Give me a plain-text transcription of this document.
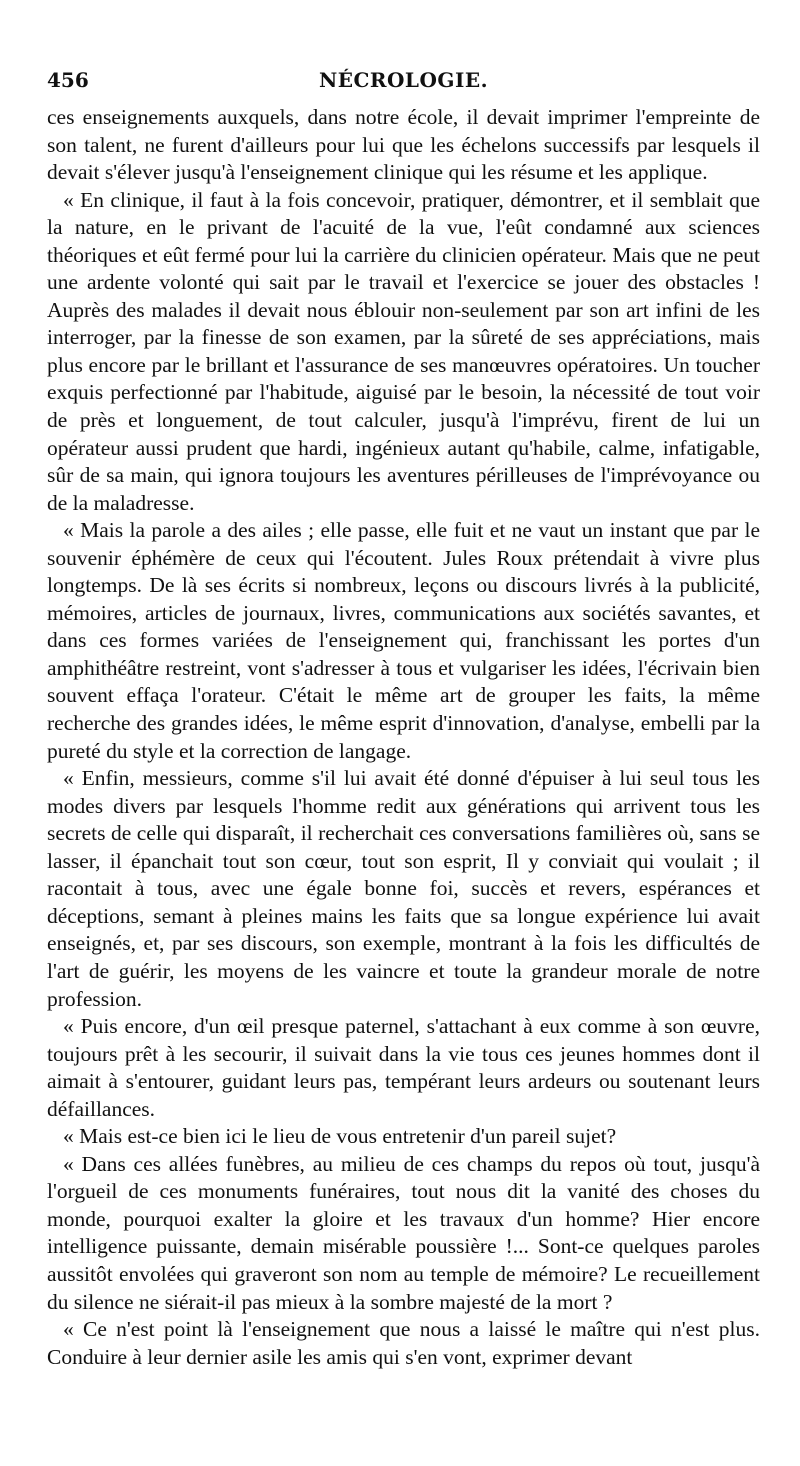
456	NÉCROLOGIE.

ces enseignements auxquels, dans notre école, il devait imprimer l'empreinte de son talent, ne furent d'ailleurs pour lui que les échelons successifs par lesquels il devait s'élever jusqu'à l'enseignement clinique qui les résume et les applique.

« En clinique, il faut à la fois concevoir, pratiquer, démontrer, et il semblait que la nature, en le privant de l'acuité de la vue, l'eût condamné aux sciences théoriques et eût fermé pour lui la carrière du clinicien opérateur. Mais que ne peut une ardente volonté qui sait par le travail et l'exercice se jouer des obstacles ! Auprès des malades il devait nous éblouir non-seulement par son art infini de les interroger, par la finesse de son examen, par la sûreté de ses appréciations, mais plus encore par le brillant et l'assurance de ses manœuvres opératoires. Un toucher exquis perfectionné par l'habitude, aiguisé par le besoin, la nécessité de tout voir de près et longuement, de tout calculer, jusqu'à l'imprévu, firent de lui un opérateur aussi prudent que hardi, ingénieux autant qu'habile, calme, infatigable, sûr de sa main, qui ignora toujours les aventures périlleuses de l'imprévoyance ou de la maladresse.

« Mais la parole a des ailes ; elle passe, elle fuit et ne vaut un instant que par le souvenir éphémère de ceux qui l'écoutent. Jules Roux prétendait à vivre plus longtemps. De là ses écrits si nombreux, leçons ou discours livrés à la publicité, mémoires, articles de journaux, livres, communications aux sociétés savantes, et dans ces formes variées de l'enseignement qui, franchissant les portes d'un amphithéâtre restreint, vont s'adresser à tous et vulgariser les idées, l'écrivain bien souvent effaça l'orateur. C'était le même art de grouper les faits, la même recherche des grandes idées, le même esprit d'innovation, d'analyse, embelli par la pureté du style et la correction de langage.

« Enfin, messieurs, comme s'il lui avait été donné d'épuiser à lui seul tous les modes divers par lesquels l'homme redit aux générations qui arrivent tous les secrets de celle qui disparaît, il recherchait ces conversations familières où, sans se lasser, il épanchait tout son cœur, tout son esprit, Il y conviait qui voulait ; il racontait à tous, avec une égale bonne foi, succès et revers, espérances et déceptions, semant à pleines mains les faits que sa longue expérience lui avait enseignés, et, par ses discours, son exemple, montrant à la fois les difficultés de l'art de guérir, les moyens de les vaincre et toute la grandeur morale de notre profession.

« Puis encore, d'un œil presque paternel, s'attachant à eux comme à son œuvre, toujours prêt à les secourir, il suivait dans la vie tous ces jeunes hommes dont il aimait à s'entourer, guidant leurs pas, tempérant leurs ardeurs ou soutenant leurs défaillances.

« Mais est-ce bien ici le lieu de vous entretenir d'un pareil sujet?

« Dans ces allées funèbres, au milieu de ces champs du repos où tout, jusqu'à l'orgueil de ces monuments funéraires, tout nous dit la vanité des choses du monde, pourquoi exalter la gloire et les travaux d'un homme? Hier encore intelligence puissante, demain misérable poussière !... Sont-ce quelques paroles aussitôt envolées qui graveront son nom au temple de mémoire? Le recueillement du silence ne siérait-il pas mieux à la sombre majesté de la mort ?

« Ce n'est point là l'enseignement que nous a laissé le maître qui n'est plus. Conduire à leur dernier asile les amis qui s'en vont, exprimer devant
